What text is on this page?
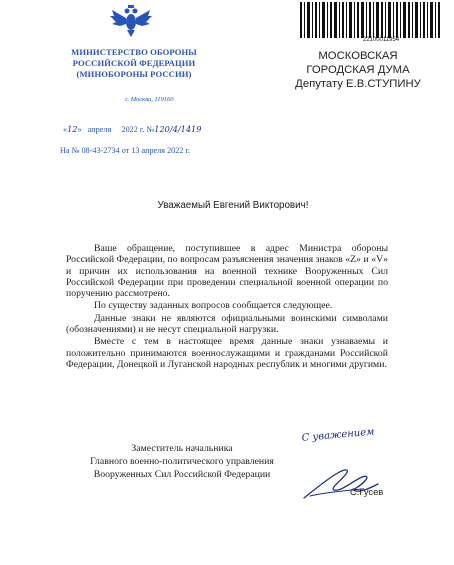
МИНИСТЕРСТВО ОБОРОНЫ
РОССИЙСКОЙ ФЕДЕРАЦИИ
(МИНОБОРОНЫ РОССИИ)
г. Москва, 119160
22100011954
МОСКОВСКАЯ
ГОРОДСКАЯ ДУМА
Депутату Е.В.СТУПИНУ
«12» апреля 2022 г. №120/4/1419
На № 08-43-2734 от 13 апреля 2022 г.
Уважаемый Евгений Викторович!

Ваше обращение, поступившее в адрес Министра обороны Российской Федерации, по вопросам разъяснения значения знаков «Z» и «V» и причин их использования на военной технике Вооруженных Сил Российской Федерации при проведении специальной военной операции по поручению рассмотрено.

По существу заданных вопросов сообщается следующее.

Данные знаки не являются официальными воинскими символами (обозначениями) и не несут специальной нагрузки.

Вместе с тем в настоящее время данные знаки узнаваемы и положительно принимаются военнослужащими и гражданами Российской Федерации, Донецкой и Луганской народных республик и многими другими.

Заместитель начальника
Главного военно-политического управления
Вооруженных Сил Российской Федерации
С уважением
С.Гусев
